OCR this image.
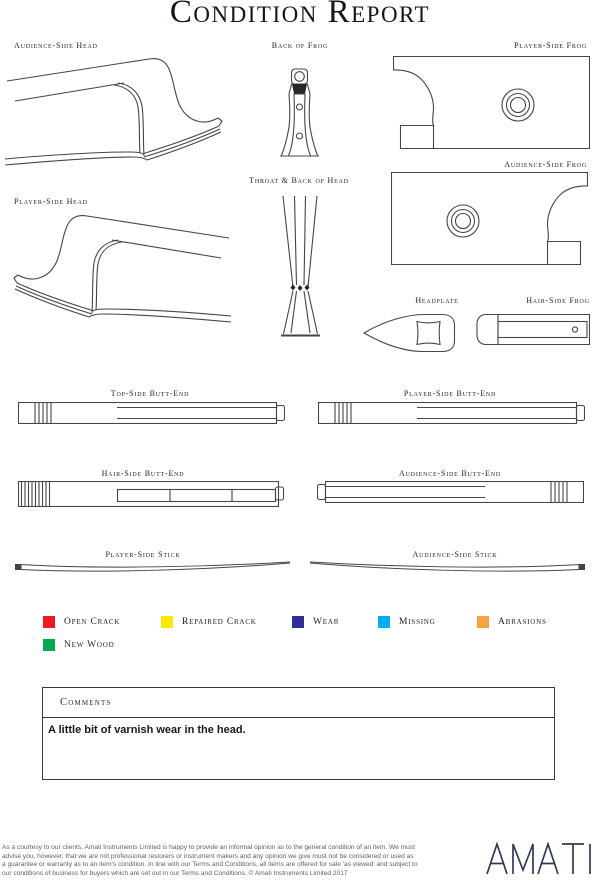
Condition Report
Audience-Side Head	Back of Frog	Player-Side Frog
Audience-Side Frog
Player-Side Head
Throat & Back of Head
Headplate	Hair-Side Frog
Top-Side Butt-End	Player-Side Butt-End
Hair-Side Butt-End	Audience-Side Butt-End
Player-Side Stick	Audience-Side Stick
Open Crack	Repaired Crack	Wear	Missing	Abrasions
New Wood
Comments
A little bit of varnish wear in the head.
As a courtesy to our clients, Amati Instruments Limited is happy to provide an informal opinion as to the general condition of an item. We must
advise you, however, that we are not professional restorers or instrument makers and any opinion we give must not be considered or used as
a guarantee or warranty as to an item's condition. In line with our Terms and Conditions, all items are offered for sale 'as viewed' and subject to
our conditions of business for buyers which are set out in our Terms and Conditions. © Amati Instruments Limited 2017
